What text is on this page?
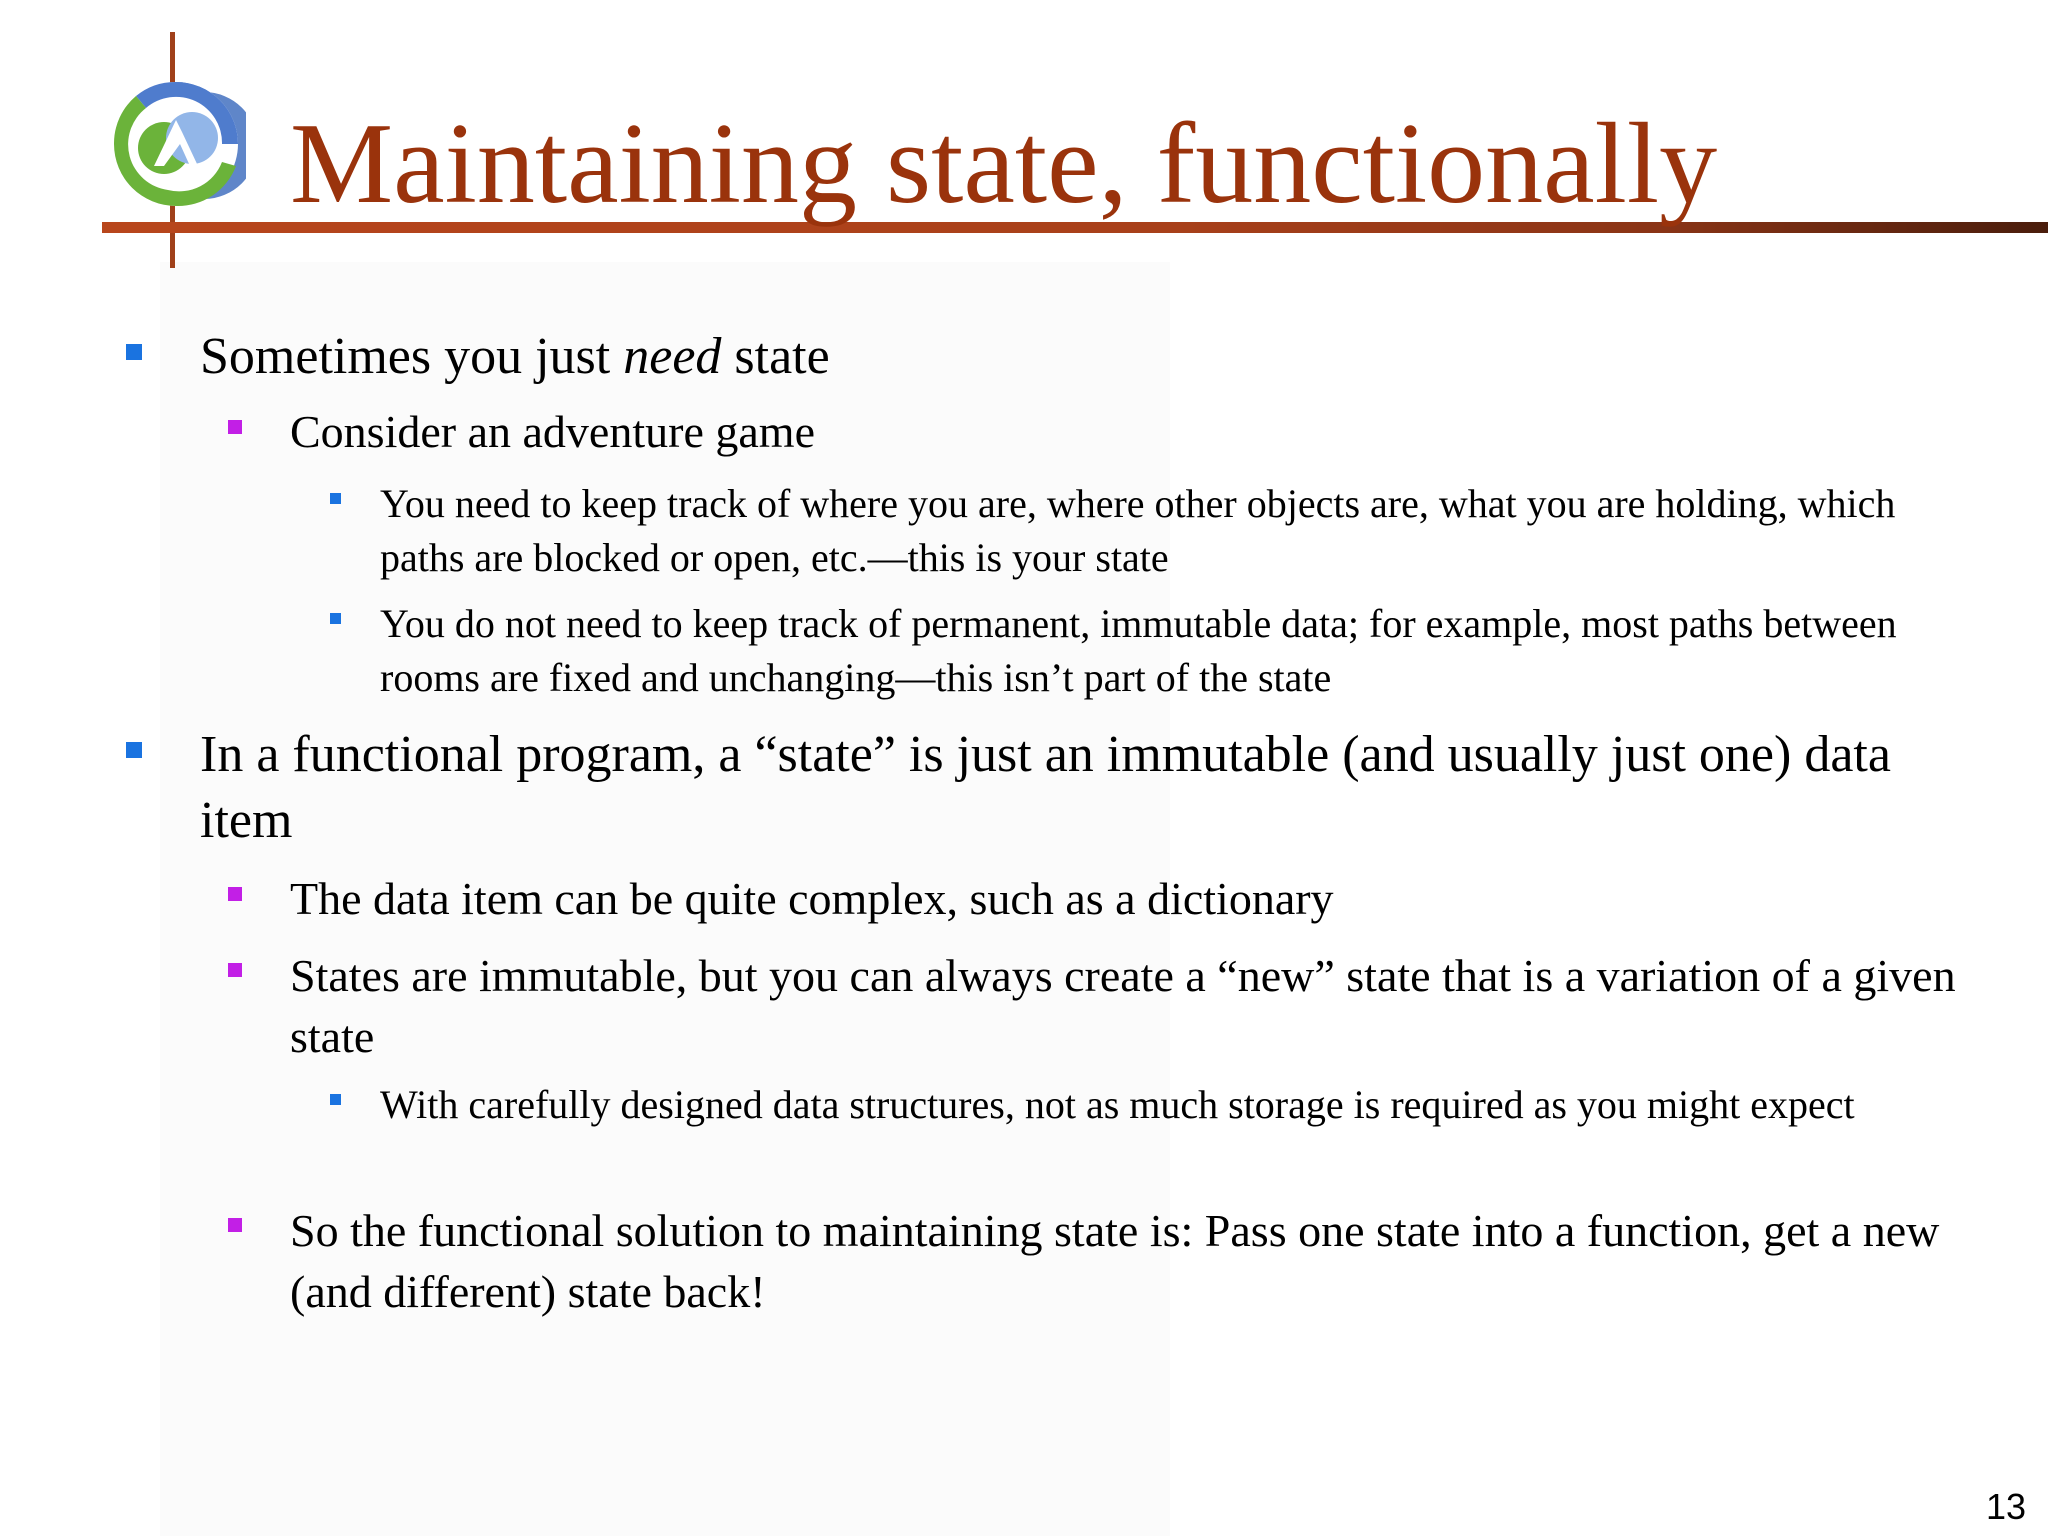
Maintaining state, functionally
Sometimes you just need state
Consider an adventure game
You need to keep track of where you are, where other objects are, what you are holding, which paths are blocked or open, etc.—this is your state
You do not need to keep track of permanent, immutable data; for example, most paths between rooms are fixed and unchanging—this isn’t part of the state
In a functional program, a “state” is just an immutable (and usually just one) data item
The data item can be quite complex, such as a dictionary
States are immutable, but you can always create a “new” state that is a variation of a given state
With carefully designed data structures, not as much storage is required as you might expect
So the functional solution to maintaining state is: Pass one state into a function, get a new (and different) state back!
13
